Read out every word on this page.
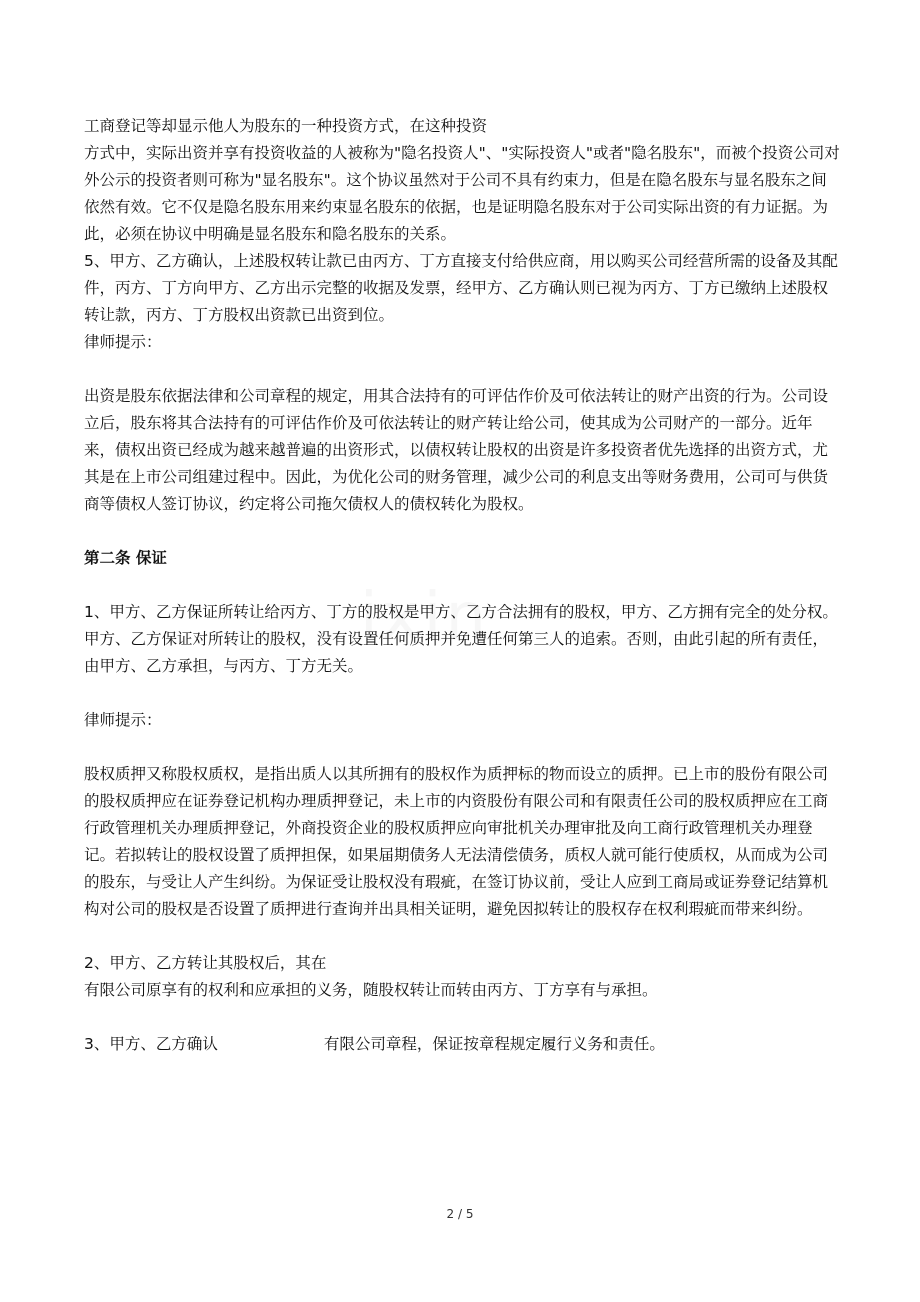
ixin

工商登记等却显示他人为股东的一种投资方式，在这种投资

方式中，实际出资并享有投资收益的人被称为"隐名投资人"、"实际投资人"或者"隐名股东"，而被个投资公司对外公示的投资者则可称为"显名股东"。这个协议虽然对于公司不具有约束力，但是在隐名股东与显名股东之间依然有效。它不仅是隐名股东用来约束显名股东的依据，也是证明隐名股东对于公司实际出资的有力证据。为此，必须在协议中明确是显名股东和隐名股东的关系。

5、甲方、乙方确认，上述股权转让款已由丙方、丁方直接支付给供应商，用以购买公司经营所需的设备及其配件，丙方、丁方向甲方、乙方出示完整的收据及发票，经甲方、乙方确认则已视为丙方、丁方已缴纳上述股权转让款，丙方、丁方股权出资款已出资到位。

律师提示：

出资是股东依据法律和公司章程的规定，用其合法持有的可评估作价及可依法转让的财产出资的行为。公司设立后，股东将其合法持有的可评估作价及可依法转让的财产转让给公司，使其成为公司财产的一部分。近年来，债权出资已经成为越来越普遍的出资形式，以债权转让股权的出资是许多投资者优先选择的出资方式，尤其是在上市公司组建过程中。因此，为优化公司的财务管理，减少公司的利息支出等财务费用，公司可与供货商等债权人签订协议，约定将公司拖欠债权人的债权转化为股权。

第二条 保证

1、甲方、乙方保证所转让给丙方、丁方的股权是甲方、乙方合法拥有的股权，甲方、乙方拥有完全的处分权。甲方、乙方保证对所转让的股权，没有设置任何质押并免遭任何第三人的追索。否则，由此引起的所有责任，由甲方、乙方承担，与丙方、丁方无关。

律师提示：

股权质押又称股权质权，是指出质人以其所拥有的股权作为质押标的物而设立的质押。已上市的股份有限公司的股权质押应在证券登记机构办理质押登记，未上市的内资股份有限公司和有限责任公司的股权质押应在工商行政管理机关办理质押登记，外商投资企业的股权质押应向审批机关办理审批及向工商行政管理机关办理登记。若拟转让的股权设置了质押担保，如果届期债务人无法清偿债务，质权人就可能行使质权，从而成为公司的股东，与受让人产生纠纷。为保证受让股权没有瑕疵，在签订协议前，受让人应到工商局或证券登记结算机构对公司的股权是否设置了质押进行查询并出具相关证明，避免因拟转让的股权存在权利瑕疵而带来纠纷。

2、甲方、乙方转让其股权后，其在

有限公司原享有的权利和应承担的义务，随股权转让而转由丙方、丁方享有与承担。

3、甲方、乙方确认	有限公司章程，保证按章程规定履行义务和责任。

2 / 5
